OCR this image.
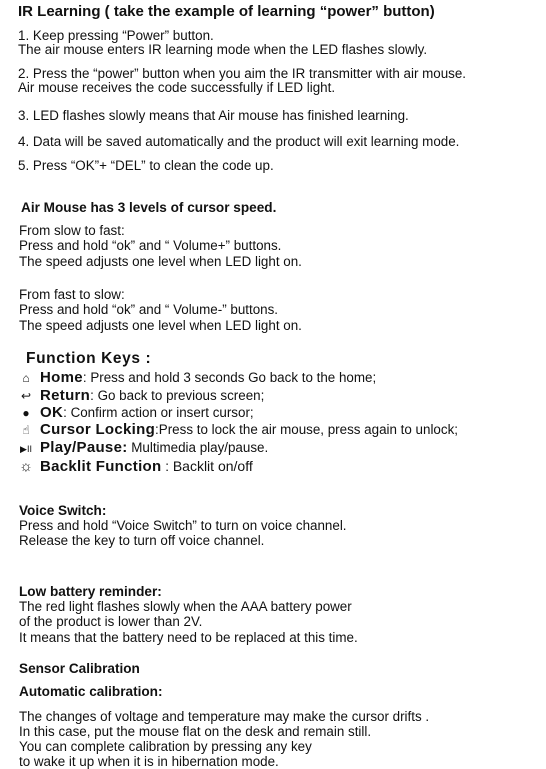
IR Learning ( take the example of learning “power” button)
1. Keep pressing “Power” button.
The air mouse enters IR learning mode when the LED flashes slowly.
2. Press the “power” button when you aim the IR transmitter with air mouse.
Air mouse receives the code successfully if LED light.
3. LED flashes slowly means that Air mouse has finished learning.
4. Data will be saved automatically and the product will exit learning mode.
5. Press “OK”+ “DEL” to clean the code up.
Air Mouse has 3 levels of cursor speed.
From slow to fast:
Press and hold “ok” and “ Volume+” buttons.
The speed adjusts one level when LED light on.
From fast to slow:
Press and hold “ok” and “ Volume-” buttons.
The speed adjusts one level when LED light on.
Function Keys :
⌂ Home: Press and hold 3 seconds Go back to the home;
↩ Return: Go back to previous screen;
● OK: Confirm action or insert cursor;
☝ Cursor Locking:Press to lock the air mouse, press again to unlock;
▶II Play/Pause: Multimedia play/pause.
☼ Backlit Function : Backlit on/off
Voice Switch:
Press and hold “Voice Switch” to turn on voice channel.
Release the key to turn off voice channel.
Low battery reminder:
The red light flashes slowly when the AAA battery power
of the product is lower than 2V.
It means that the battery need to be replaced at this time.
Sensor Calibration
Automatic calibration:
The changes of voltage and temperature may make the cursor drifts .
In this case, put the mouse flat on the desk and remain still.
You can complete calibration by pressing any key
to wake it up when it is in hibernation mode.
